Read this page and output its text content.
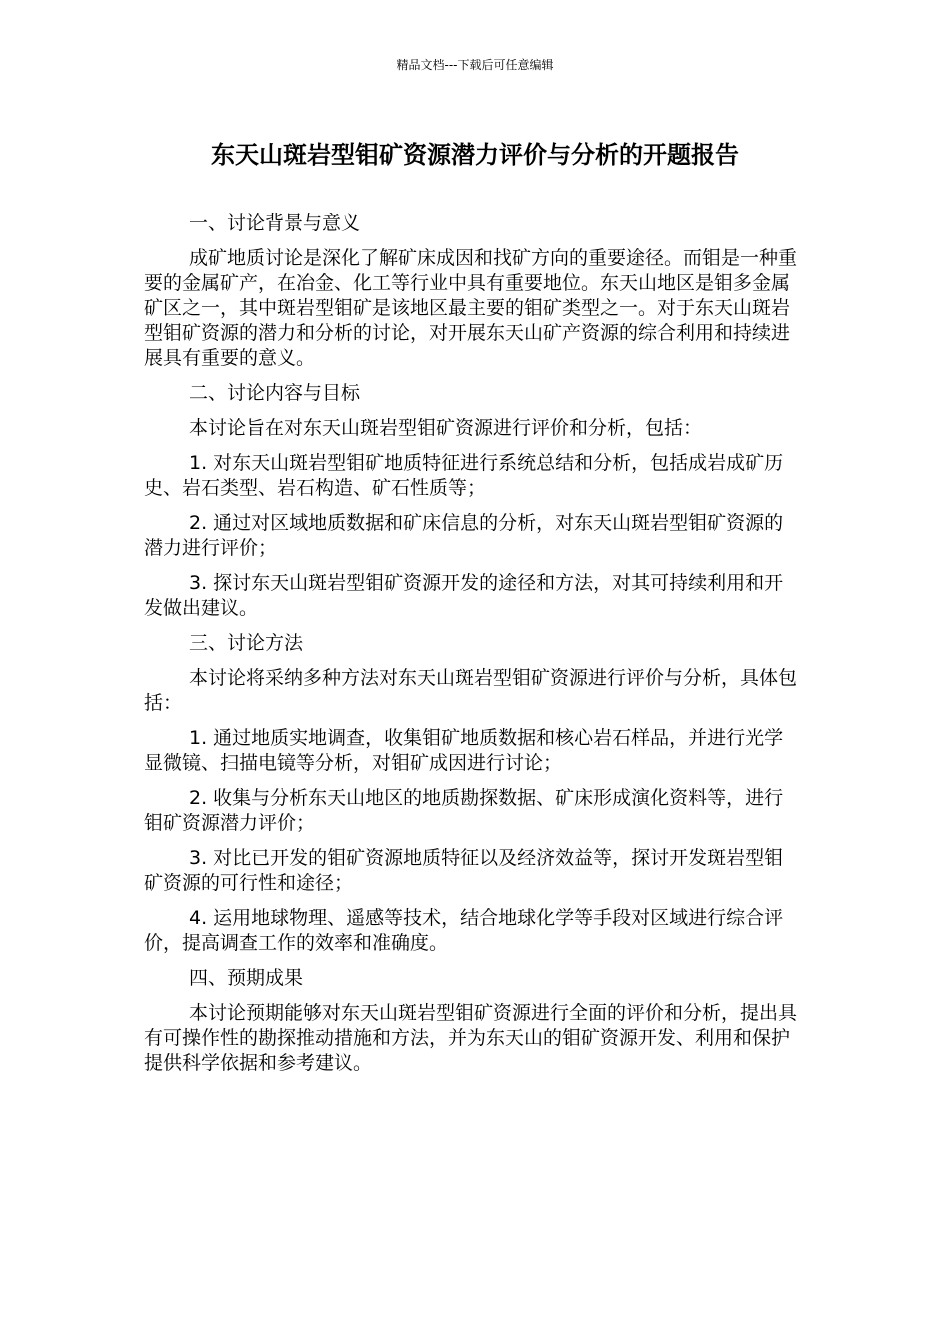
精品文档---下载后可任意编辑
东天山斑岩型钼矿资源潜力评价与分析的开题报告

一、讨论背景与意义

成矿地质讨论是深化了解矿床成因和找矿方向的重要途径。而钼是一种重要的金属矿产，在冶金、化工等行业中具有重要地位。东天山地区是钼多金属矿区之一，其中斑岩型钼矿是该地区最主要的钼矿类型之一。对于东天山斑岩型钼矿资源的潜力和分析的讨论，对开展东天山矿产资源的综合利用和持续进展具有重要的意义。

二、讨论内容与目标

本讨论旨在对东天山斑岩型钼矿资源进行评价和分析，包括：

1. 对东天山斑岩型钼矿地质特征进行系统总结和分析，包括成岩成矿历史、岩石类型、岩石构造、矿石性质等；

2. 通过对区域地质数据和矿床信息的分析，对东天山斑岩型钼矿资源的潜力进行评价；

3. 探讨东天山斑岩型钼矿资源开发的途径和方法，对其可持续利用和开发做出建议。

三、讨论方法

本讨论将采纳多种方法对东天山斑岩型钼矿资源进行评价与分析，具体包括：

1. 通过地质实地调查，收集钼矿地质数据和核心岩石样品，并进行光学显微镜、扫描电镜等分析，对钼矿成因进行讨论；

2. 收集与分析东天山地区的地质勘探数据、矿床形成演化资料等，进行钼矿资源潜力评价；

3. 对比已开发的钼矿资源地质特征以及经济效益等，探讨开发斑岩型钼矿资源的可行性和途径；

4. 运用地球物理、遥感等技术，结合地球化学等手段对区域进行综合评价，提高调查工作的效率和准确度。

四、预期成果

本讨论预期能够对东天山斑岩型钼矿资源进行全面的评价和分析，提出具有可操作性的勘探推动措施和方法，并为东天山的钼矿资源开发、利用和保护提供科学依据和参考建议。
